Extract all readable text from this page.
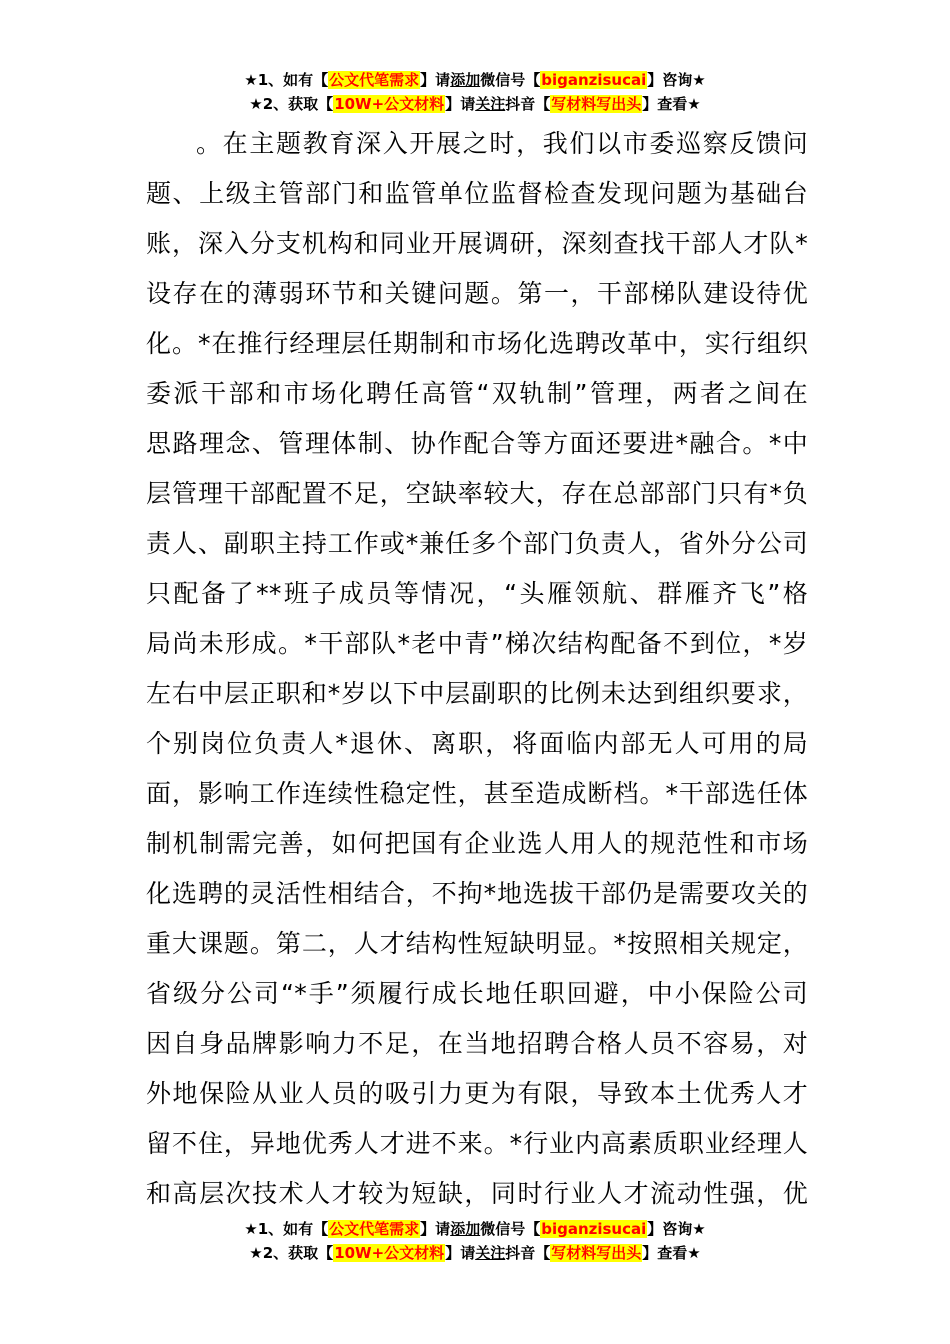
★1、如有【公文代笔需求】请添加微信号【biganzisucai】咨询★
★2、获取【10W+公文材料】请关注抖音【写材料写出头】查看★
。在主题教育深入开展之时，我们以市委巡察反馈问
题、上级主管部门和监管单位监督检查发现问题为基础台
账，深入分支机构和同业开展调研，深刻查找干部人才队*
设存在的薄弱环节和关键问题。第一，干部梯队建设待优
化。*在推行经理层任期制和市场化选聘改革中，实行组织
委派干部和市场化聘任高管“双轨制”管理，两者之间在
思路理念、管理体制、协作配合等方面还要进*融合。*中
层管理干部配置不足，空缺率较大，存在总部部门只有*负
责人、副职主持工作或*兼任多个部门负责人，省外分公司
只配备了**班子成员等情况，“头雁领航、群雁齐飞”格
局尚未形成。*干部队*老中青”梯次结构配备不到位，*岁
左右中层正职和*岁以下中层副职的比例未达到组织要求，
个别岗位负责人*退休、离职，将面临内部无人可用的局
面，影响工作连续性稳定性，甚至造成断档。*干部选任体
制机制需完善，如何把国有企业选人用人的规范性和市场
化选聘的灵活性相结合，不拘*地选拔干部仍是需要攻关的
重大课题。第二，人才结构性短缺明显。*按照相关规定，
省级分公司“*手”须履行成长地任职回避，中小保险公司
因自身品牌影响力不足，在当地招聘合格人员不容易，对
外地保险从业人员的吸引力更为有限，导致本土优秀人才
留不住，异地优秀人才进不来。*行业内高素质职业经理人
和高层次技术人才较为短缺，同时行业人才流动性强，优
★1、如有【公文代笔需求】请添加微信号【biganzisucai】咨询★
★2、获取【10W+公文材料】请关注抖音【写材料写出头】查看★
